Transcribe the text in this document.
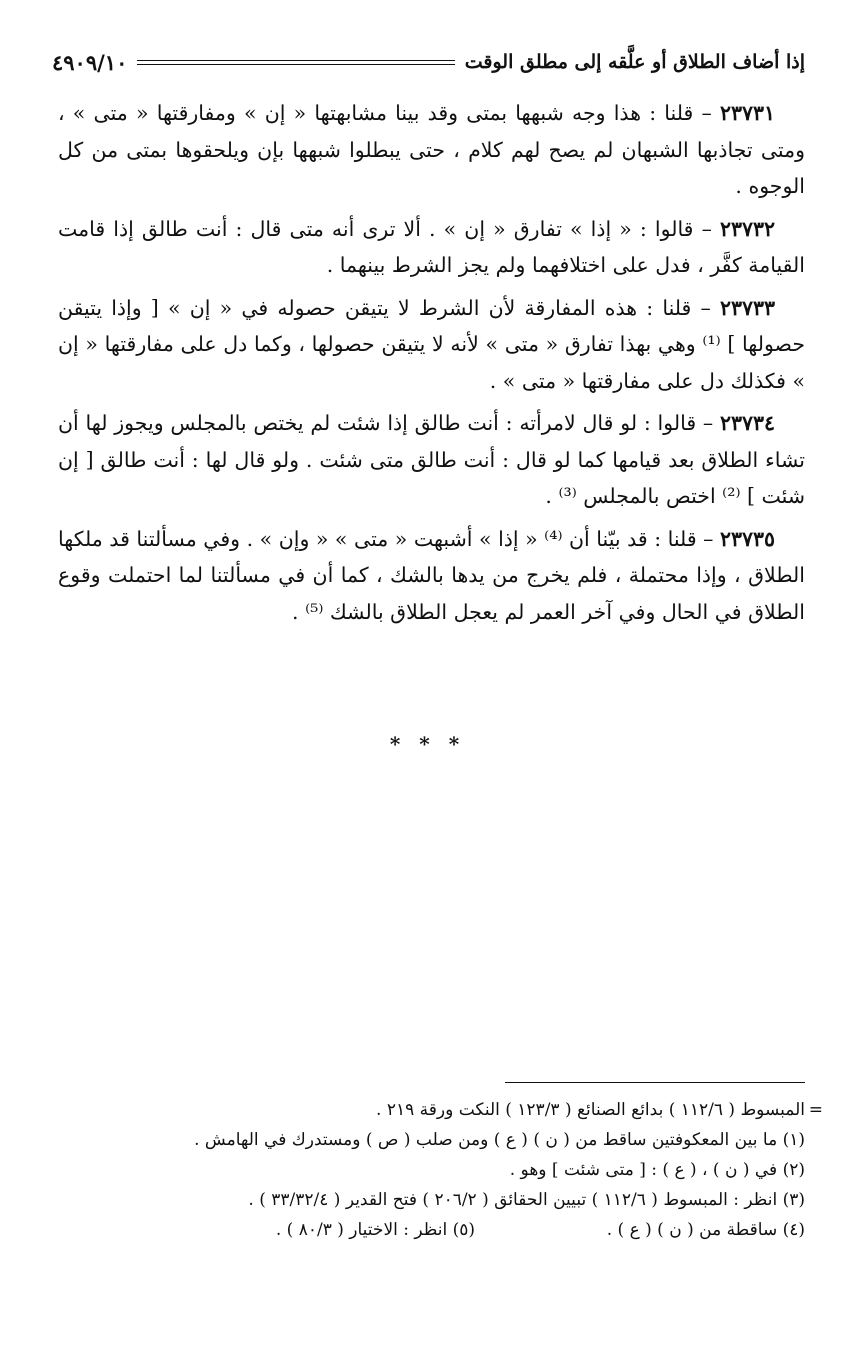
إذا أضاف الطلاق أو علَّقه إلى مطلق الوقت
٤٩٠٩/١٠

٢٣٧٣١ – قلنا : هذا وجه شبهها بمتى وقد بينا مشابهتها « إن » ومفارقتها « متى » ، ومتى تجاذبها الشبهان لم يصح لهم كلام ، حتى يبطلوا شبهها بإن ويلحقوها بمتى من كل الوجوه .

٢٣٧٣٢ – قالوا : « إذا » تفارق « إن » . ألا ترى أنه متى قال : أنت طالق إذا قامت القيامة كفَّر ، فدل على اختلافهما ولم يجز الشرط بينهما .

٢٣٧٣٣ – قلنا : هذه المفارقة لأن الشرط لا يتيقن حصوله في « إن » [ وإذا يتيقن حصولها ] ⁽¹⁾ وهي بهذا تفارق « متى » لأنه لا يتيقن حصولها ، وكما دل على مفارقتها « إن » فكذلك دل على مفارقتها « متى » .

٢٣٧٣٤ – قالوا : لو قال لامرأته : أنت طالق إذا شئت لم يختص بالمجلس ويجوز لها أن تشاء الطلاق بعد قيامها كما لو قال : أنت طالق متى شئت . ولو قال لها : أنت طالق [ إن شئت ] ⁽²⁾ اختص بالمجلس ⁽³⁾ .

٢٣٧٣٥ – قلنا : قد بيّنا أن ⁽⁴⁾ « إذا » أشبهت « متى » « وإن » . وفي مسألتنا قد ملكها الطلاق ، وإذا محتملة ، فلم يخرج من يدها بالشك ، كما أن في مسألتنا لما احتملت وقوع الطلاق في الحال وفي آخر العمر لم يعجل الطلاق بالشك ⁽⁵⁾ .

* * *
=المبسوط ( ١١٢/٦ ) بدائع الصنائع ( ١٢٣/٣ ) النكت ورقة ٢١٩ .
(١) ما بين المعكوفتين ساقط من ( ن ) ( ع ) ومن صلب ( ص ) ومستدرك في الهامش .
(٢) في ( ن ) ، ( ع ) : [ متى شئت ] وهو .
(٣) انظر : المبسوط ( ١١٢/٦ ) تبيين الحقائق ( ٢٠٦/٢ ) فتح القدير ( ٣٣/٣٢/٤ ) .
(٤) ساقطة من ( ن ) ( ع ) .
(٥) انظر : الاختيار ( ٨٠/٣ ) .
